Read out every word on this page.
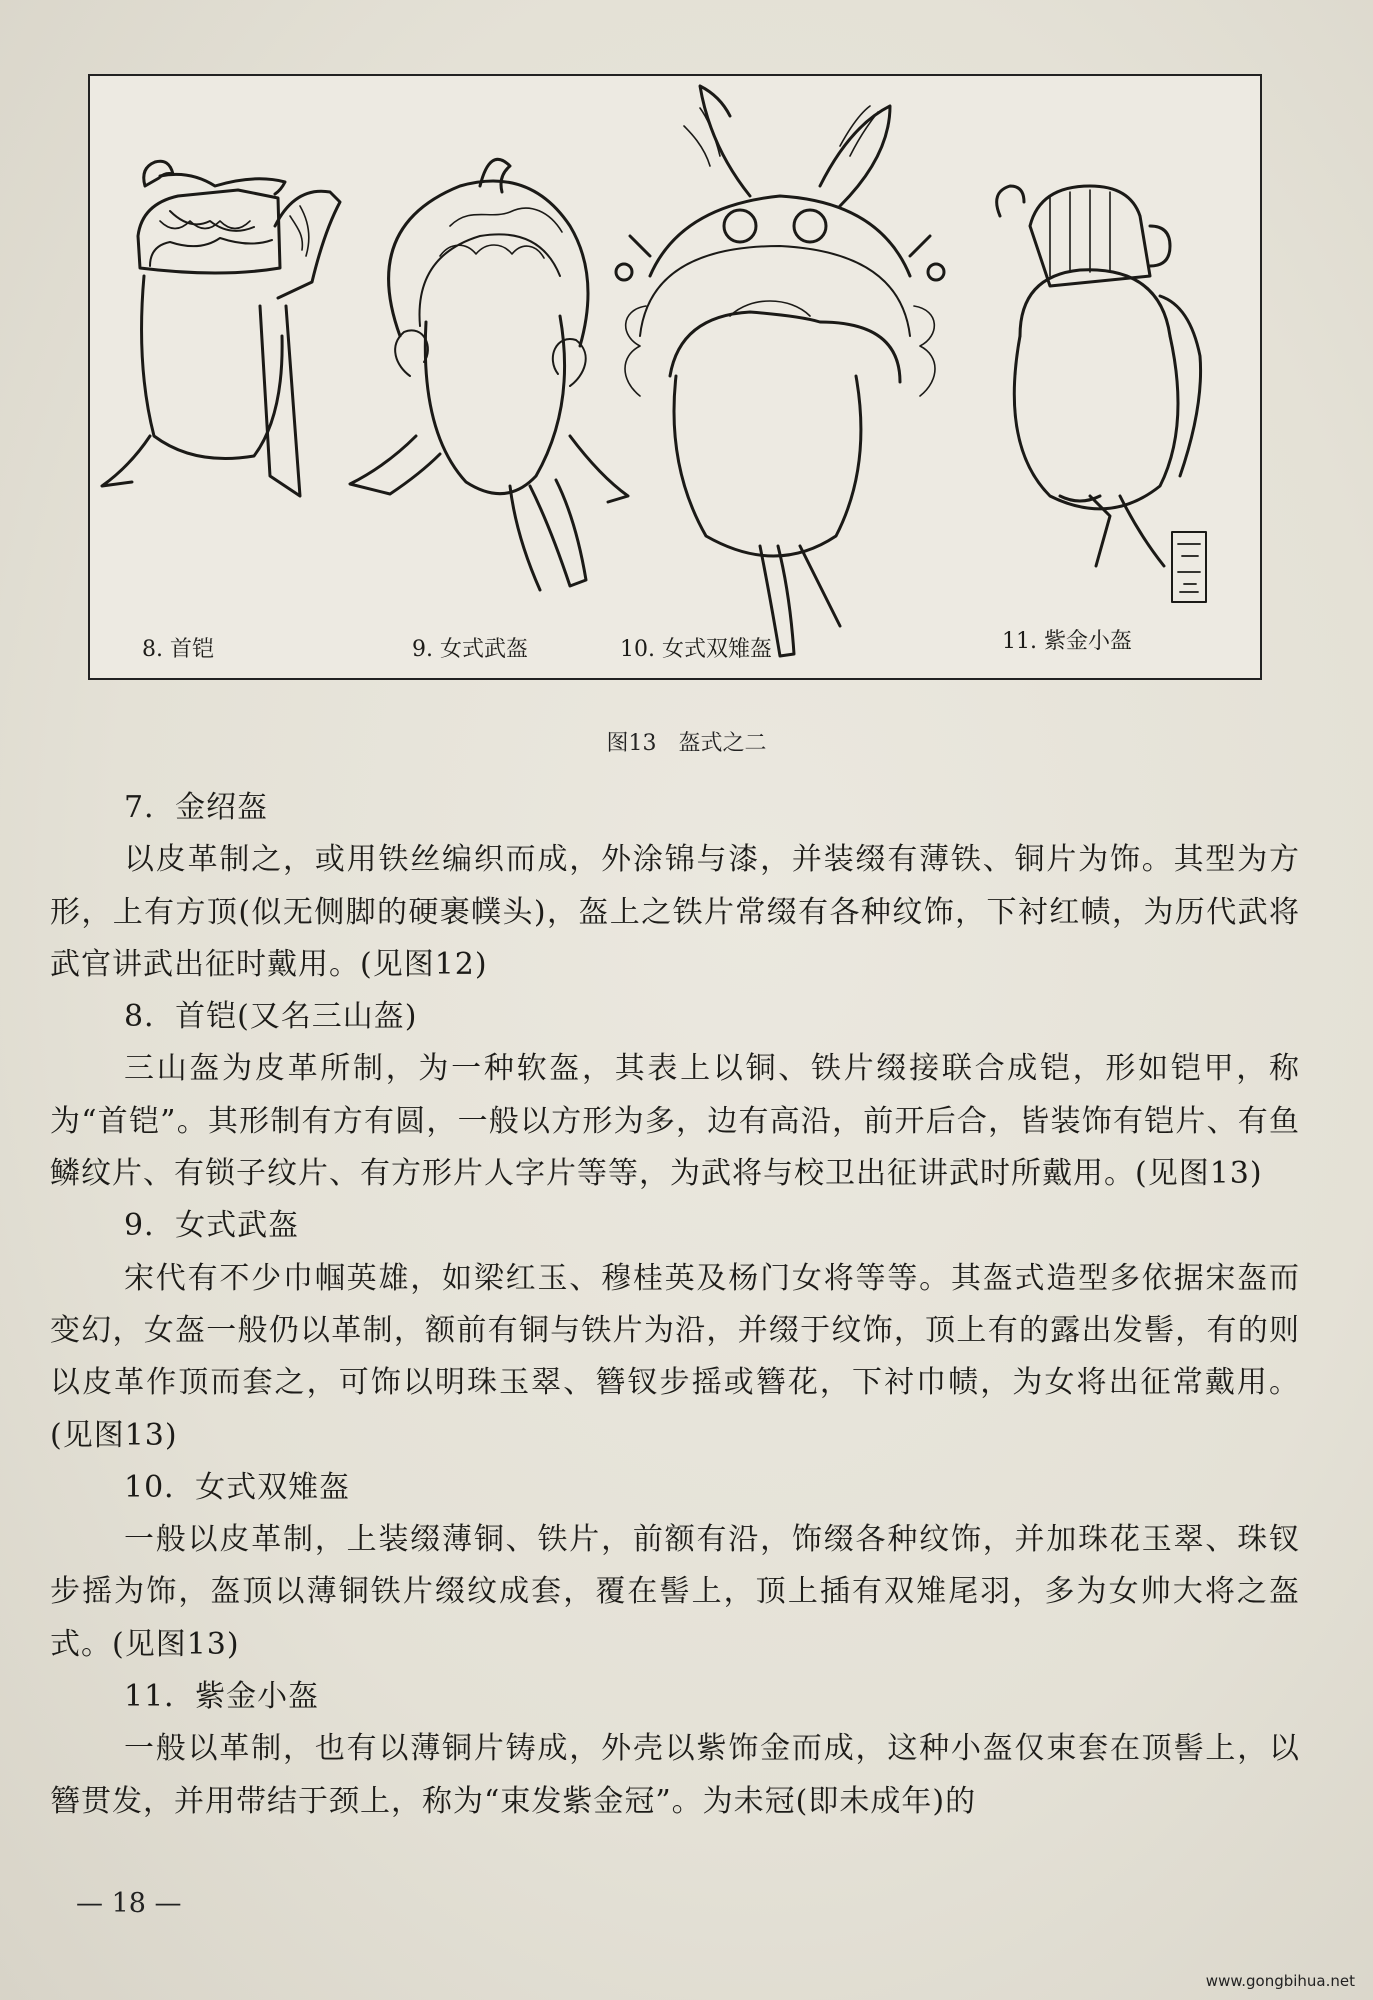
8. 首铠	9. 女式武盔	10. 女式双雉盔	11. 紫金小盔
图13　盔式之二
7．金绍盔
以皮革制之，或用铁丝编织而成，外涂锦与漆，并装缀有薄铁、铜片为饰。其型为方形，上有方顶(似无侧脚的硬裹幞头)，盔上之铁片常缀有各种纹饰，下衬红帻，为历代武将武官讲武出征时戴用。(见图12)
8．首铠(又名三山盔)
三山盔为皮革所制，为一种软盔，其表上以铜、铁片缀接联合成铠，形如铠甲，称为“首铠”。其形制有方有圆，一般以方形为多，边有高沿，前开后合，皆装饰有铠片、有鱼鳞纹片、有锁子纹片、有方形片人字片等等，为武将与校卫出征讲武时所戴用。(见图13)
9．女式武盔
宋代有不少巾帼英雄，如梁红玉、穆桂英及杨门女将等等。其盔式造型多依据宋盔而变幻，女盔一般仍以革制，额前有铜与铁片为沿，并缀于纹饰，顶上有的露出发髻，有的则以皮革作顶而套之，可饰以明珠玉翠、簪钗步摇或簪花，下衬巾帻，为女将出征常戴用。(见图13)
10．女式双雉盔
一般以皮革制，上装缀薄铜、铁片，前额有沿，饰缀各种纹饰，并加珠花玉翠、珠钗步摇为饰，盔顶以薄铜铁片缀纹成套，覆在髻上，顶上插有双雉尾羽，多为女帅大将之盔式。(见图13)
11．紫金小盔
一般以革制，也有以薄铜片铸成，外壳以紫饰金而成，这种小盔仅束套在顶髻上，以簪贯发，并用带结于颈上，称为“束发紫金冠”。为未冠(即未成年)的
— 18 —
www.gongbihua.net
